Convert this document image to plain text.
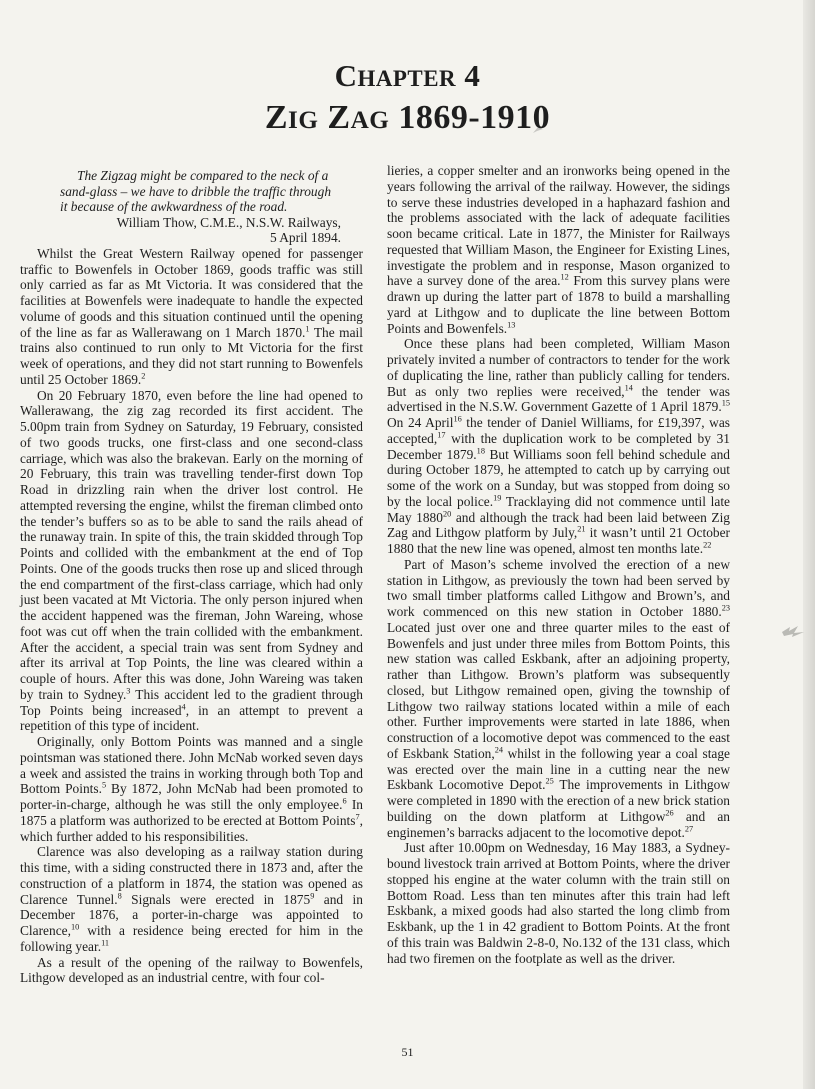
CHAPTER 4
ZIG ZAG 1869-1910

The Zigzag might be compared to the neck of a sand-glass – we have to dribble the traffic through it because of the awkwardness of the road.

William Thow, C.M.E., N.S.W. Railways,

5 April 1894.

Whilst the Great Western Railway opened for passenger traffic to Bowenfels in October 1869, goods traffic was still only carried as far as Mt Victoria. It was considered that the facilities at Bowenfels were inadequate to handle the expected volume of goods and this situation continued until the opening of the line as far as Wallerawang on 1 March 1870.$^1$ The mail trains also continued to run only to Mt Victoria for the first week of operations, and they did not start running to Bowenfels until 25 October 1869.$^2$

On 20 February 1870, even before the line had opened to Wallerawang, the zig zag recorded its first accident. The 5.00pm train from Sydney on Saturday, 19 February, consisted of two goods trucks, one first-class and one second-class carriage, which was also the brakevan. Early on the morning of 20 February, this train was travelling tender-first down Top Road in drizzling rain when the driver lost control. He attempted reversing the engine, whilst the fireman climbed onto the tender’s buffers so as to be able to sand the rails ahead of the runaway train. In spite of this, the train skidded through Top Points and collided with the embankment at the end of Top Points. One of the goods trucks then rose up and sliced through the end compartment of the first-class carriage, which had only just been vacated at Mt Victoria. The only person injured when the accident happened was the fireman, John Wareing, whose foot was cut off when the train collided with the embankment. After the accident, a special train was sent from Sydney and after its arrival at Top Points, the line was cleared within a couple of hours. After this was done, John Wareing was taken by train to Sydney.$^3$ This accident led to the gradient through Top Points being increased$^4$, in an attempt to prevent a repetition of this type of incident.

Originally, only Bottom Points was manned and a single pointsman was stationed there. John McNab worked seven days a week and assisted the trains in working through both Top and Bottom Points.$^5$ By 1872, John McNab had been promoted to porter-in-charge, although he was still the only employee.$^6$ In 1875 a platform was authorized to be erected at Bottom Points$^7$, which further added to his responsibilities.

Clarence was also developing as a railway station during this time, with a siding constructed there in 1873 and, after the construction of a platform in 1874, the station was opened as Clarence Tunnel.$^8$ Signals were erected in 1875$^9$ and in December 1876, a porter-in-charge was appointed to Clarence,$^{10}$ with a residence being erected for him in the following year.$^{11}$

As a result of the opening of the railway to Bowenfels, Lithgow developed as an industrial centre, with four col-

lieries, a copper smelter and an ironworks being opened in the years following the arrival of the railway. However, the sidings to serve these industries developed in a haphazard fashion and the problems associated with the lack of adequate facilities soon became critical. Late in 1877, the Minister for Railways requested that William Mason, the Engineer for Existing Lines, investigate the problem and in response, Mason organized to have a survey done of the area.$^{12}$ From this survey plans were drawn up during the latter part of 1878 to build a marshalling yard at Lithgow and to duplicate the line between Bottom Points and Bowenfels.$^{13}$

Once these plans had been completed, William Mason privately invited a number of contractors to tender for the work of duplicating the line, rather than publicly calling for tenders. But as only two replies were received,$^{14}$ the tender was advertised in the N.S.W. Government Gazette of 1 April 1879.15 On 24 April$^{16}$ the tender of Daniel Williams, for £19,397, was accepted,$^{17}$ with the duplication work to be completed by 31 December 1879.18 But Williams soon fell behind schedule and during October 1879, he attempted to catch up by carrying out some of the work on a Sunday, but was stopped from doing so by the local police.$^{19}$ Tracklaying did not commence until late May 1880$^{20}$ and although the track had been laid between Zig Zag and Lithgow platform by July,$^{21}$ it wasn’t until 21 October 1880 that the new line was opened, almost ten months late.$^{22}$

Part of Mason’s scheme involved the erection of a new station in Lithgow, as previously the town had been served by two small timber platforms called Lithgow and Brown’s, and work commenced on this new station in October 1880.23 Located just over one and three quarter miles to the east of Bowenfels and just under three miles from Bottom Points, this new station was called Eskbank, after an adjoining property, rather than Lithgow. Brown’s platform was subsequently closed, but Lithgow remained open, giving the township of Lithgow two railway stations located within a mile of each other. Further improvements were started in late 1886, when construction of a locomotive depot was commenced to the east of Eskbank Station,$^{24}$ whilst in the following year a coal stage was erected over the main line in a cutting near the new Eskbank Locomotive Depot.$^{25}$ The improvements in Lithgow were completed in 1890 with the erection of a new brick station building on the down platform at Lithgow$^{26}$ and an enginemen’s barracks adjacent to the locomotive depot.$^{27}$

Just after 10.00pm on Wednesday, 16 May 1883, a Sydney-bound livestock train arrived at Bottom Points, where the driver stopped his engine at the water column with the train still on Bottom Road. Less than ten minutes after this train had left Eskbank, a mixed goods had also started the long climb from Eskbank, up the 1 in 42 gradient to Bottom Points. At the front of this train was Baldwin 2-8-0, No.132 of the 131 class, which had two firemen on the footplate as well as the driver.

51
